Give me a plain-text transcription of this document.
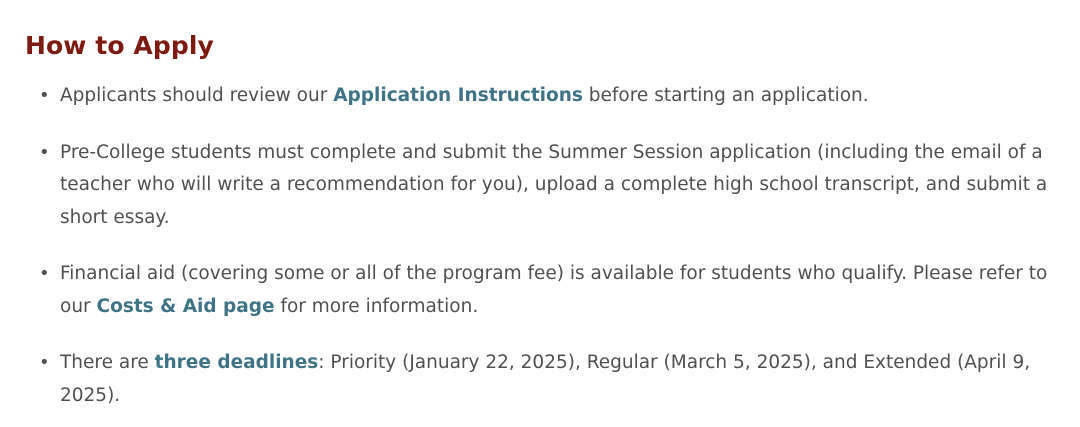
How to Apply
• Applicants should review our Application Instructions before starting an application.
• Pre-College students must complete and submit the Summer Session application (including the email of a teacher who will write a recommendation for you), upload a complete high school transcript, and submit a short essay.
• Financial aid (covering some or all of the program fee) is available for students who qualify. Please refer to our Costs & Aid page for more information.
• There are three deadlines: Priority (January 22, 2025), Regular (March 5, 2025), and Extended (April 9, 2025).
